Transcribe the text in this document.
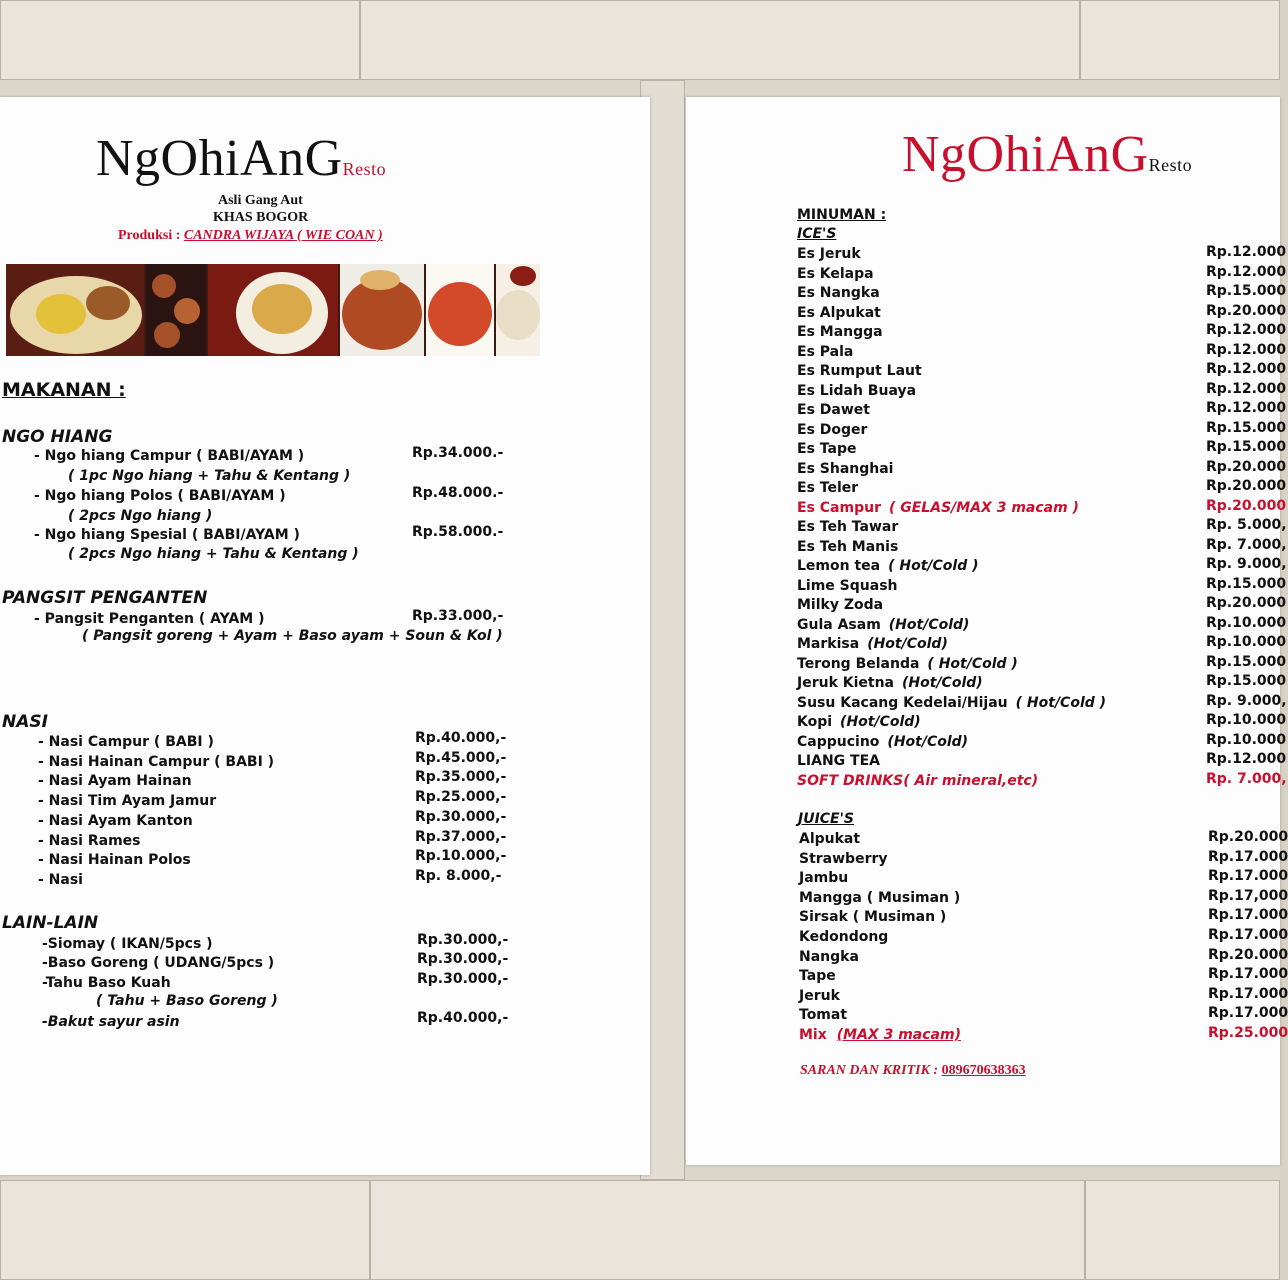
NgOhiAnGResto
Asli Gang Aut
KHAS BOGOR
Produksi : CANDRA WIJAYA ( WIE COAN )
MAKANAN :
NGO HIANG
- Ngo hiang Campur ( BABI/AYAM )	Rp.34.000.-
( 1pc Ngo hiang + Tahu & Kentang )
- Ngo hiang Polos ( BABI/AYAM )	Rp.48.000.-
( 2pcs Ngo hiang )
- Ngo hiang Spesial ( BABI/AYAM )	Rp.58.000.-
( 2pcs Ngo hiang + Tahu & Kentang )
PANGSIT PENGANTEN
- Pangsit Penganten ( AYAM )	Rp.33.000,-
( Pangsit goreng + Ayam + Baso ayam + Soun & Kol )
NASI
LAIN-LAIN
- Nasi Campur ( BABI )	Rp.40.000,-
- Nasi Hainan Campur ( BABI )	Rp.45.000,-
- Nasi Ayam Hainan	Rp.35.000,-
- Nasi Tim Ayam Jamur	Rp.25.000,-
- Nasi Ayam Kanton	Rp.30.000,-
- Nasi Rames	Rp.37.000,-
- Nasi Hainan Polos	Rp.10.000,-
- Nasi	Rp. 8.000,-
-Siomay ( IKAN/5pcs )	Rp.30.000,-
-Baso Goreng ( UDANG/5pcs )	Rp.30.000,-
-Tahu Baso Kuah	Rp.30.000,-
( Tahu + Baso Goreng )
-Bakut sayur asin	Rp.40.000,-
NgOhiAnGResto
MINUMAN :
ICE'S
JUICE'S
SARAN DAN KRITIK : 089670638363
Es Jeruk	Rp.12.000
Es Kelapa	Rp.12.000
Es Nangka	Rp.15.000
Es Alpukat	Rp.20.000
Es Mangga	Rp.12.000
Es Pala	Rp.12.000
Es Rumput Laut	Rp.12.000
Es Lidah Buaya	Rp.12.000
Es Dawet	Rp.12.000
Es Doger	Rp.15.000
Es Tape	Rp.15.000
Es Shanghai	Rp.20.000
Es Teler	Rp.20.000
Es Campur ( GELAS/MAX 3 macam )	Rp.20.000
Es Teh Tawar	Rp. 5.000,
Es Teh Manis	Rp. 7.000,
Lemon tea ( Hot/Cold )	Rp. 9.000,
Lime Squash	Rp.15.000
Milky Zoda	Rp.20.000
Gula Asam (Hot/Cold)	Rp.10.000
Markisa (Hot/Cold)	Rp.10.000
Terong Belanda ( Hot/Cold )	Rp.15.000
Jeruk Kietna (Hot/Cold)	Rp.15.000
Susu Kacang Kedelai/Hijau ( Hot/Cold )	Rp. 9.000,
Kopi (Hot/Cold)	Rp.10.000
Cappucino (Hot/Cold)	Rp.10.000
LIANG TEA	Rp.12.000
SOFT DRINKS( Air mineral,etc)	Rp. 7.000,
Alpukat	Rp.20.000
Strawberry	Rp.17.000
Jambu	Rp.17.000
Mangga ( Musiman )	Rp.17,000
Sirsak ( Musiman )	Rp.17.000
Kedondong	Rp.17.000
Nangka	Rp.20.000
Tape	Rp.17.000
Jeruk	Rp.17.000
Tomat	Rp.17.000
Mix (MAX 3 macam)	Rp.25.000
